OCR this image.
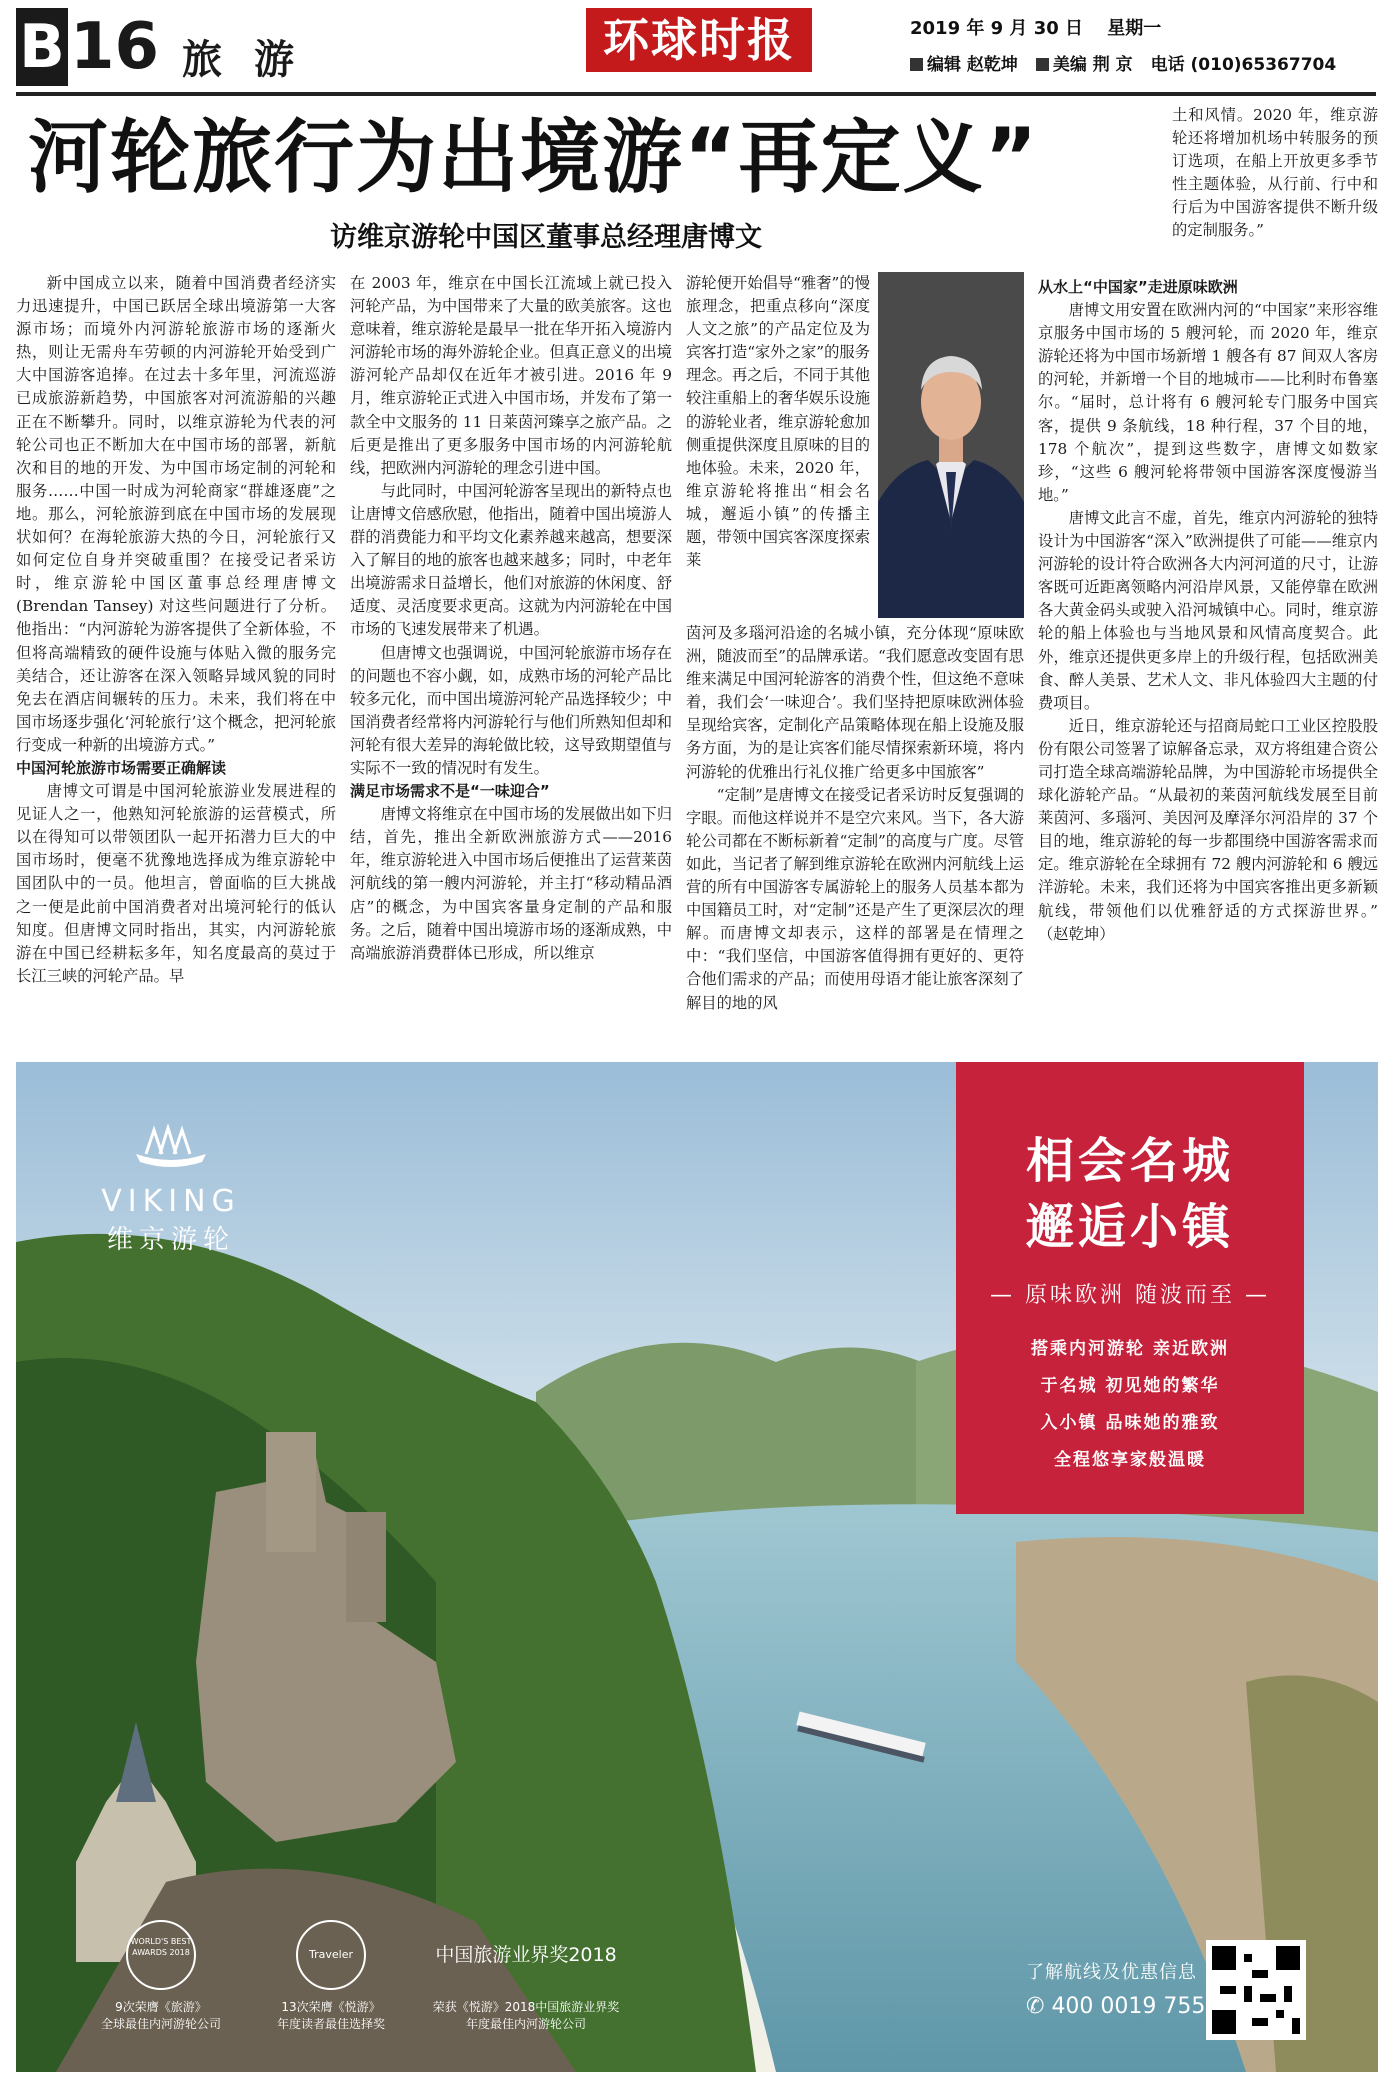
B 16 旅游	环球时报	2019 年 9 月 30 日 星期一
编辑 赵乾坤 美编 荆 京 电话 (010)65367704
河轮旅行为出境游“再定义”
访维京游轮中国区董事总经理唐博文

新中国成立以来，随着中国消费者经济实力迅速提升，中国已跃居全球出境游第一大客源市场；而境外内河游轮旅游市场的逐渐火热，则让无需舟车劳顿的内河游轮开始受到广大中国游客追捧。在过去十多年里，河流巡游已成旅游新趋势，中国旅客对河流游船的兴趣正在不断攀升。同时，以维京游轮为代表的河轮公司也正不断加大在中国市场的部署，新航次和目的地的开发、为中国市场定制的河轮和服务……中国一时成为河轮商家“群雄逐鹿”之地。那么，河轮旅游到底在中国市场的发展现状如何？在海轮旅游大热的今日，河轮旅行又如何定位自身并突破重围？在接受记者采访时，维京游轮中国区董事总经理唐博文(Brendan Tansey) 对这些问题进行了分析。他指出：“内河游轮为游客提供了全新体验，不但将高端精致的硬件设施与体贴入微的服务完美结合，还让游客在深入领略异域风貌的同时免去在酒店间辗转的压力。未来，我们将在中国市场逐步强化‘河轮旅行’这个概念，把河轮旅行变成一种新的出境游方式。”

中国河轮旅游市场需要正确解读

唐博文可谓是中国河轮旅游业发展进程的见证人之一，他熟知河轮旅游的运营模式，所以在得知可以带领团队一起开拓潜力巨大的中国市场时，便毫不犹豫地选择成为维京游轮中国团队中的一员。他坦言，曾面临的巨大挑战之一便是此前中国消费者对出境河轮行的低认知度。但唐博文同时指出，其实，内河游轮旅游在中国已经耕耘多年，知名度最高的莫过于长江三峡的河轮产品。早

在 2003 年，维京在中国长江流域上就已投入河轮产品，为中国带来了大量的欧美旅客。这也意味着，维京游轮是最早一批在华开拓入境游内河游轮市场的海外游轮企业。但真正意义的出境游河轮产品却仅在近年才被引进。2016 年 9 月，维京游轮正式进入中国市场，并发布了第一款全中文服务的 11 日莱茵河臻享之旅产品。之后更是推出了更多服务中国市场的内河游轮航线，把欧洲内河游轮的理念引进中国。

与此同时，中国河轮游客呈现出的新特点也让唐博文倍感欣慰，他指出，随着中国出境游人群的消费能力和平均文化素养越来越高，想要深入了解目的地的旅客也越来越多；同时，中老年出境游需求日益增长，他们对旅游的休闲度、舒适度、灵活度要求更高。这就为内河游轮在中国市场的飞速发展带来了机遇。

但唐博文也强调说，中国河轮旅游市场存在的问题也不容小觑，如，成熟市场的河轮产品比较多元化，而中国出境游河轮产品选择较少；中国消费者经常将内河游轮行与他们所熟知但却和河轮有很大差异的海轮做比较，这导致期望值与实际不一致的情况时有发生。

满足市场需求不是“一味迎合”

唐博文将维京在中国市场的发展做出如下归结，首先，推出全新欧洲旅游方式——2016 年，维京游轮进入中国市场后便推出了运营莱茵河航线的第一艘内河游轮，并主打“移动精品酒店”的概念，为中国宾客量身定制的产品和服务。之后，随着中国出境游市场的逐渐成熟，中高端旅游消费群体已形成，所以维京

游轮便开始倡导“雅奢”的慢旅理念，把重点移向“深度人文之旅”的产品定位及为宾客打造“家外之家”的服务理念。再之后，不同于其他较注重船上的奢华娱乐设施的游轮业者，维京游轮愈加侧重提供深度且原味的目的地体验。未来，2020 年，维京游轮将推出“相会名城，邂逅小镇”的传播主题，带领中国宾客深度探索莱

茵河及多瑙河沿途的名城小镇，充分体现“原味欧洲，随波而至”的品牌承诺。“我们愿意改变固有思维来满足中国河轮游客的消费个性，但这绝不意味着，我们会‘一味迎合’。我们坚持把原味欧洲体验呈现给宾客，定制化产品策略体现在船上设施及服务方面，为的是让宾客们能尽情探索新环境，将内河游轮的优雅出行礼仪推广给更多中国旅客”

“定制”是唐博文在接受记者采访时反复强调的字眼。而他这样说并不是空穴来风。当下，各大游轮公司都在不断标新着“定制”的高度与广度。尽管如此，当记者了解到维京游轮在欧洲内河航线上运营的所有中国游客专属游轮上的服务人员基本都为中国籍员工时，对“定制”还是产生了更深层次的理解。而唐博文却表示，这样的部署是在情理之中：“我们坚信，中国游客值得拥有更好的、更符合他们需求的产品；而使用母语才能让旅客深刻了解目的地的风

土和风情。2020 年，维京游轮还将增加机场中转服务的预订选项，在船上开放更多季节性主题体验，从行前、行中和行后为中国游客提供不断升级的定制服务。”

从水上“中国家”走进原味欧洲

唐博文用安置在欧洲内河的“中国家”来形容维京服务中国市场的 5 艘河轮，而 2020 年，维京游轮还将为中国市场新增 1 艘各有 87 间双人客房的河轮，并新增一个目的地城市——比利时布鲁塞尔。“届时，总计将有 6 艘河轮专门服务中国宾客，提供 9 条航线，18 种行程，37 个目的地，178 个航次”，提到这些数字，唐博文如数家珍，“这些 6 艘河轮将带领中国游客深度慢游当地。”

唐博文此言不虚，首先，维京内河游轮的独特设计为中国游客“深入”欧洲提供了可能——维京内河游轮的设计符合欧洲各大内河河道的尺寸，让游客既可近距离领略内河沿岸风景，又能停靠在欧洲各大黄金码头或驶入沿河城镇中心。同时，维京游轮的船上体验也与当地风景和风情高度契合。此外，维京还提供更多岸上的升级行程，包括欧洲美食、醉人美景、艺术人文、非凡体验四大主题的付费项目。

近日，维京游轮还与招商局蛇口工业区控股股份有限公司签署了谅解备忘录，双方将组建合资公司打造全球高端游轮品牌，为中国游轮市场提供全球化游轮产品。“从最初的莱茵河航线发展至目前莱茵河、多瑙河、美因河及摩泽尔河沿岸的 37 个目的地，维京游轮的每一步都围绕中国游客需求而定。维京游轮在全球拥有 72 艘内河游轮和 6 艘远洋游轮。未来，我们还将为中国宾客推出更多新颖航线，带领他们以优雅舒适的方式探游世界。” （赵乾坤）

VIKING
维京游轮
相会名城
邂逅小镇
— 原味欧洲 随波而至 —
搭乘内河游轮 亲近欧洲
于名城 初见她的繁华
入小镇 品味她的雅致
全程悠享家般温暖
WORLD'S BEST AWARDS 2018
9次荣膺《旅游》
全球最佳内河游轮公司
Traveler
13次荣膺《悦游》
年度读者最佳选择奖
中国旅游业界奖2018
荣获《悦游》2018中国旅游业界奖
年度最佳内河游轮公司
了解航线及优惠信息
✆ 400 0019 755
